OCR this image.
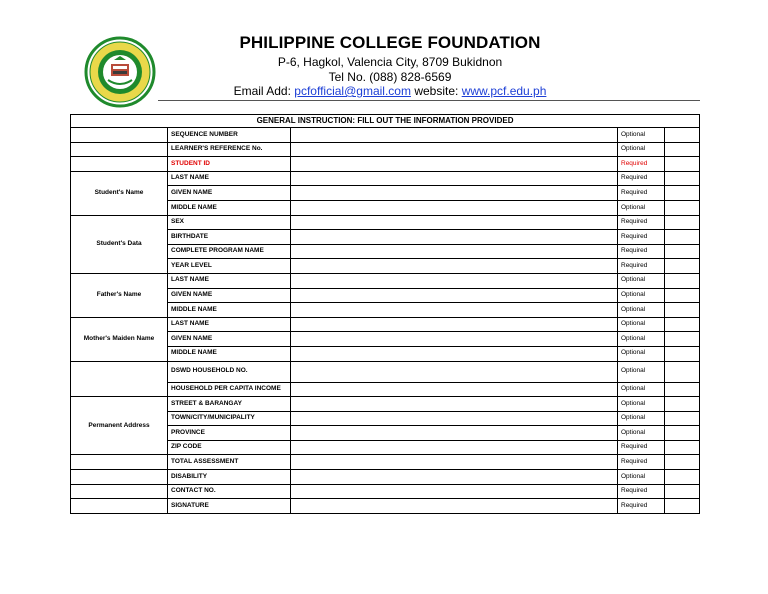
PHILIPPINE COLLEGE FOUNDATION
P-6, Hagkol, Valencia City, 8709 Bukidnon
Tel No. (088) 828-6569
Email Add: pcfofficial@gmail.com website: www.pcf.edu.ph
GENERAL INSTRUCTION: FILL OUT THE INFORMATION PROVIDED				
	SEQUENCE NUMBER		Optional	
	LEARNER'S REFERENCE No.		Optional	
	STUDENT ID		Required	
Student's Name	LAST NAME		Required	
	GIVEN NAME		Required	
	MIDDLE NAME		Optional	
Student's Data	SEX		Required	
	BIRTHDATE		Required	
	COMPLETE PROGRAM NAME		Required	
	YEAR LEVEL		Required	
Father's Name	LAST NAME		Optional	
	GIVEN NAME		Optional	
	MIDDLE NAME		Optional	
Mother's Maiden Name	LAST NAME		Optional	
	GIVEN NAME		Optional	
	MIDDLE NAME		Optional	
	DSWD HOUSEHOLD NO.		Optional	
	HOUSEHOLD PER CAPITA INCOME		Optional	
Permanent Address	STREET & BARANGAY		Optional	
	TOWN/CITY/MUNICIPALITY		Optional	
	PROVINCE		Optional	
	ZIP CODE		Required	
	TOTAL ASSESSMENT		Required	
	DISABILITY		Optional	
	CONTACT NO.		Required	
	SIGNATURE		Required	
